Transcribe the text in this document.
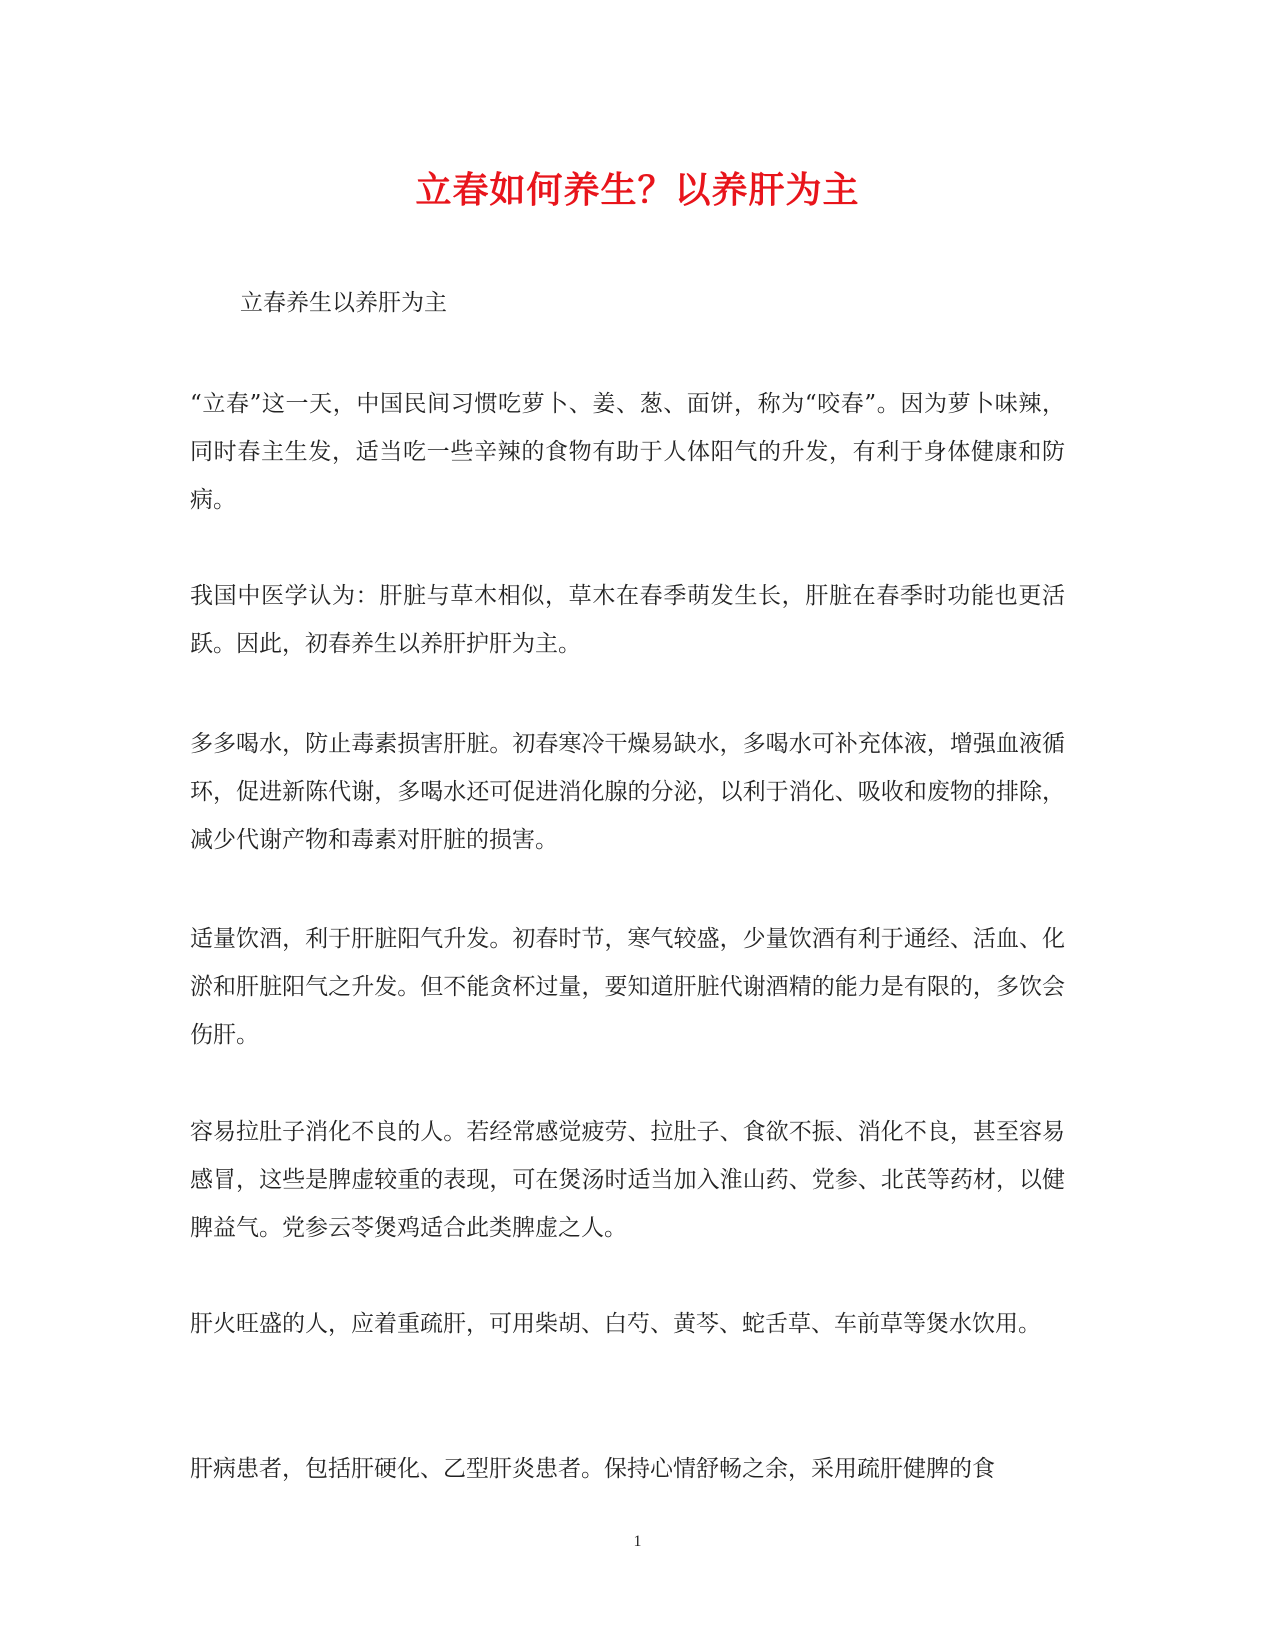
立春如何养生？以养肝为主
立春养生以养肝为主
“立春”这一天，中国民间习惯吃萝卜、姜、葱、面饼，称为“咬春”。因为萝卜味辣，同时春主生发，适当吃一些辛辣的食物有助于人体阳气的升发，有利于身体健康和防病。
我国中医学认为：肝脏与草木相似，草木在春季萌发生长，肝脏在春季时功能也更活跃。因此，初春养生以养肝护肝为主。
多多喝水，防止毒素损害肝脏。初春寒冷干燥易缺水，多喝水可补充体液，增强血液循环，促进新陈代谢，多喝水还可促进消化腺的分泌，以利于消化、吸收和废物的排除，减少代谢产物和毒素对肝脏的损害。
适量饮酒，利于肝脏阳气升发。初春时节，寒气较盛，少量饮酒有利于通经、活血、化淤和肝脏阳气之升发。但不能贪杯过量，要知道肝脏代谢酒精的能力是有限的，多饮会伤肝。
容易拉肚子消化不良的人。若经常感觉疲劳、拉肚子、食欲不振、消化不良，甚至容易感冒，这些是脾虚较重的表现，可在煲汤时适当加入淮山药、党参、北芪等药材，以健脾益气。党参云苓煲鸡适合此类脾虚之人。
肝火旺盛的人，应着重疏肝，可用柴胡、白芍、黄芩、蛇舌草、车前草等煲水饮用。
肝病患者，包括肝硬化、乙型肝炎患者。保持心情舒畅之余，采用疏肝健脾的食
1
